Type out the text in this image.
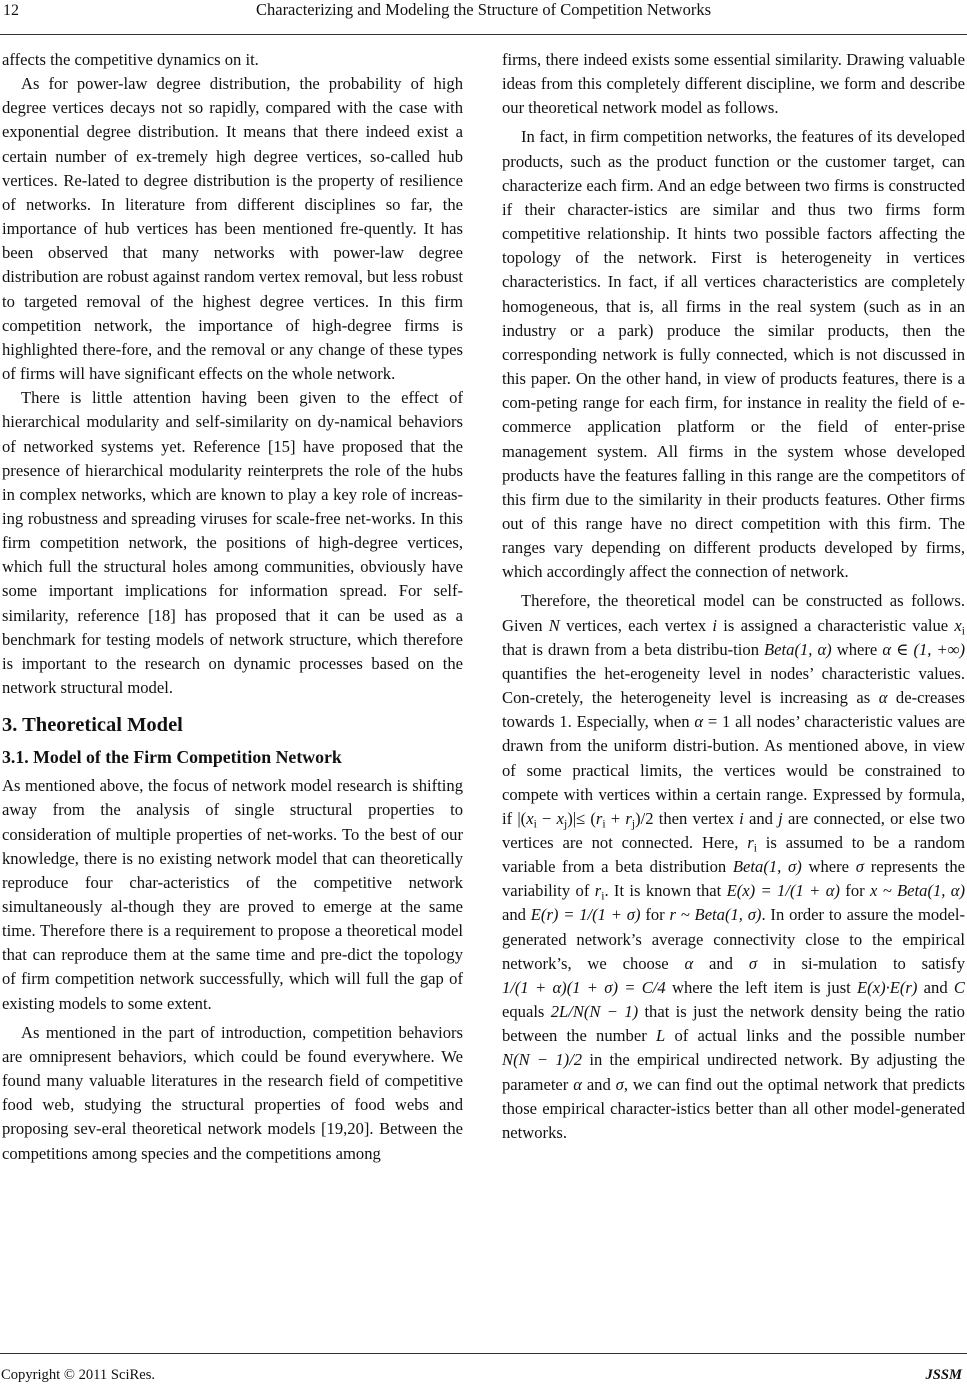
12	Characterizing and Modeling the Structure of Competition Networks

affects the competitive dynamics on it.

As for power-law degree distribution, the probability of high degree vertices decays not so rapidly, compared with the case with exponential degree distribution. It means that there indeed exist a certain number of ex-tremely high degree vertices, so-called hub vertices. Re-lated to degree distribution is the property of resilience of networks. In literature from different disciplines so far, the importance of hub vertices has been mentioned fre-quently. It has been observed that many networks with power-law degree distribution are robust against random vertex removal, but less robust to targeted removal of the highest degree vertices. In this firm competition network, the importance of high-degree firms is highlighted there-fore, and the removal or any change of these types of firms will have significant effects on the whole network.

There is little attention having been given to the effect of hierarchical modularity and self-similarity on dy-namical behaviors of networked systems yet. Reference [15] have proposed that the presence of hierarchical modularity reinterprets the role of the hubs in complex networks, which are known to play a key role of increas-ing robustness and spreading viruses for scale-free net-works. In this firm competition network, the positions of high-degree vertices, which full the structural holes among communities, obviously have some important implications for information spread. For self-similarity, reference [18] has proposed that it can be used as a benchmark for testing models of network structure, which therefore is important to the research on dynamic processes based on the network structural model.

3. Theoretical Model
3.1. Model of the Firm Competition Network

As mentioned above, the focus of network model research is shifting away from the analysis of single structural properties to consideration of multiple properties of net-works. To the best of our knowledge, there is no existing network model that can theoretically reproduce four char-acteristics of the competitive network simultaneously al-though they are proved to emerge at the same time. Therefore there is a requirement to propose a theoretical model that can reproduce them at the same time and pre-dict the topology of firm competition network successfully, which will full the gap of existing models to some extent.

As mentioned in the part of introduction, competition behaviors are omnipresent behaviors, which could be found everywhere. We found many valuable literatures in the research field of competitive food web, studying the structural properties of food webs and proposing sev-eral theoretical network models [19,20]. Between the competitions among species and the competitions among

firms, there indeed exists some essential similarity. Drawing valuable ideas from this completely different discipline, we form and describe our theoretical network model as follows.

In fact, in firm competition networks, the features of its developed products, such as the product function or the customer target, can characterize each firm. And an edge between two firms is constructed if their character-istics are similar and thus two firms form competitive relationship. It hints two possible factors affecting the topology of the network. First is heterogeneity in vertices characteristics. In fact, if all vertices characteristics are completely homogeneous, that is, all firms in the real system (such as in an industry or a park) produce the similar products, then the corresponding network is fully connected, which is not discussed in this paper. On the other hand, in view of products features, there is a com-peting range for each firm, for instance in reality the field of e-commerce application platform or the field of enter-prise management system. All firms in the system whose developed products have the features falling in this range are the competitors of this firm due to the similarity in their products features. Other firms out of this range have no direct competition with this firm. The ranges vary depending on different products developed by firms, which accordingly affect the connection of network.

Therefore, the theoretical model can be constructed as follows. Given N vertices, each vertex i is assigned a characteristic value $x_i$ that is drawn from a beta distribu-tion Beta(1, α) where α ∈ (1, +∞) quantifies the het-erogeneity level in nodes’ characteristic values. Con-cretely, the heterogeneity level is increasing as α de-creases towards 1. Especially, when α = 1 all nodes’ characteristic values are drawn from the uniform distri-bution. As mentioned above, in view of some practical limits, the vertices would be constrained to compete with vertices within a certain range. Expressed by formula, if $|(x_i - x_j)|\le (r_i + r_j)/2$ then vertex i and j are connected, or else two vertices are not connected. Here, $r_i$ is assumed to be a random variable from a beta distribution Beta(1, σ) where σ represents the variability of $r_i$. It is known that E(x) = 1/(1 + α) for x ~ Beta(1, α) and E(r) = 1/(1 + σ) for r ~ Beta(1, σ). In order to assure the model-generated network’s average connectivity close to the empirical network’s, we choose α and σ in si-mulation to satisfy 1/(1 + α)(1 + σ) = C/4 where the left item is just E(x)·E(r) and C equals 2L/N(N − 1) that is just the network density being the ratio between the number L of actual links and the possible number N(N − 1)/2 in the empirical undirected network. By adjusting the parameter α and σ, we can find out the optimal network that predicts those empirical character-istics better than all other model-generated networks.

Copyright © 2011 SciRes.	JSSM
